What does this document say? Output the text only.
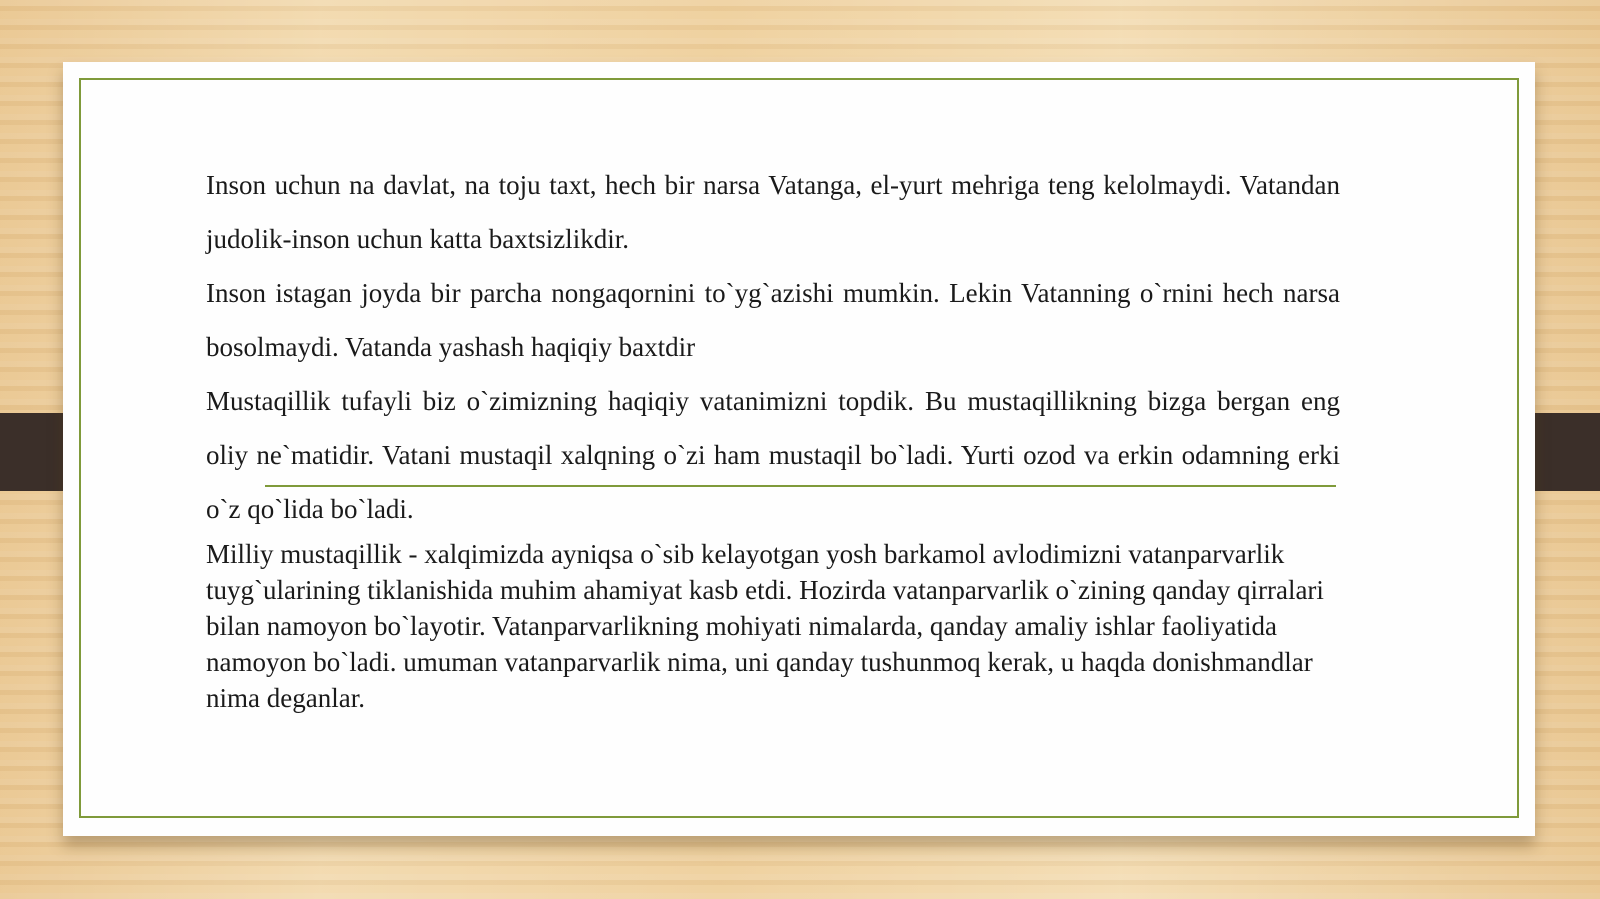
Inson uchun na davlat, na toju taxt, hech bir narsa Vatanga, el-yurt mehriga teng kelolmaydi. Vatandan judolik-inson uchun katta baxtsizlikdir.

Inson istagan joyda bir parcha nongaqornini to`yg`azishi mumkin. Lekin Vatanning o`rnini hech narsa bosolmaydi. Vatanda yashash haqiqiy baxtdir

Mustaqillik tufayli biz o`zimizning haqiqiy vatanimizni topdik. Bu mustaqillikning bizga bergan eng oliy ne`matidir. Vatani mustaqil xalqning o`zi ham mustaqil bo`ladi. Yurti ozod va erkin odamning erki o`z qo`lida bo`ladi.

Milliy mustaqillik - xalqimizda ayniqsa o`sib kelayotgan yosh barkamol avlodimizni vatanparvarlik tuyg`ularining tiklanishida muhim ahamiyat kasb etdi. Hozirda vatanparvarlik o`zining qanday qirralari bilan namoyon bo`layotir. Vatanparvarlikning mohiyati nimalarda, qanday amaliy ishlar faoliyatida namoyon bo`ladi. umuman vatanparvarlik nima, uni qanday tushunmoq kerak, u haqda donishmandlar nima deganlar.
